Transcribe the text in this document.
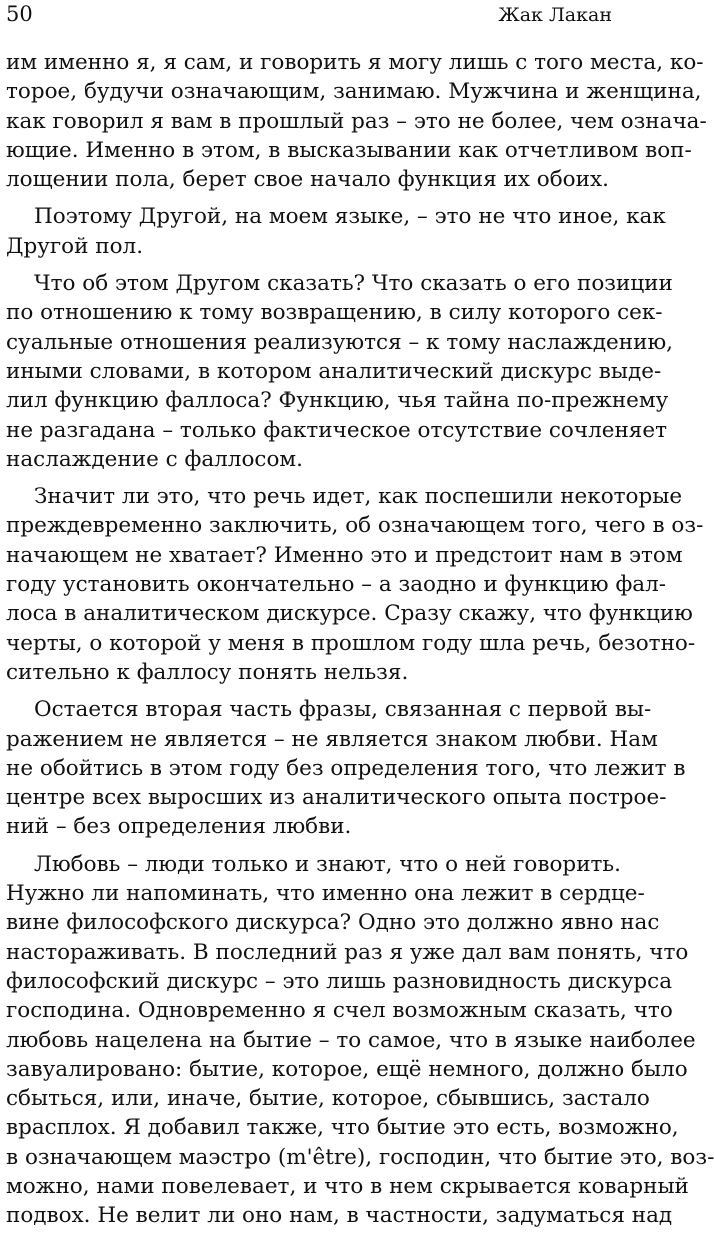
50	Жак Лакан
им именно я, я сам, и говорить я могу лишь с того места, ко-
торое, будучи означающим, занимаю. Мужчина и женщина,
как говорил я вам в прошлый раз – это не более, чем означа-
ющие. Именно в этом, в высказывании как отчетливом воп-
лощении пола, берет свое начало функция их обоих.
Поэтому Другой, на моем языке, – это не что иное, как
Другой пол.
Что об этом Другом сказать? Что сказать о его позиции
по отношению к тому возвращению, в силу которого сек-
суальные отношения реализуются – к тому наслаждению,
иными словами, в котором аналитический дискурс выде-
лил функцию фаллоса? Функцию, чья тайна по-прежнему
не разгадана – только фактическое отсутствие сочленяет
наслаждение с фаллосом.
Значит ли это, что речь идет, как поспешили некоторые
преждевременно заключить, об означающем того, чего в оз-
начающем не хватает? Именно это и предстоит нам в этом
году установить окончательно – а заодно и функцию фал-
лоса в аналитическом дискурсе. Сразу скажу, что функцию
черты, о которой у меня в прошлом году шла речь, безотно-
сительно к фаллосу понять нельзя.
Остается вторая часть фразы, связанная с первой вы-
ражением не является – не является знаком любви. Нам
не обойтись в этом году без определения того, что лежит в
центре всех выросших из аналитического опыта построе-
ний – без определения любви.
Любовь – люди только и знают, что о ней говорить.
Нужно ли напоминать, что именно она лежит в сердце-
вине философского дискурса? Одно это должно явно нас
настораживать. В последний раз я уже дал вам понять, что
философский дискурс – это лишь разновидность дискурса
господина. Одновременно я счел возможным сказать, что
любовь нацелена на бытие – то самое, что в языке наиболее
завуалировано: бытие, которое, ещё немного, должно было
сбыться, или, иначе, бытие, которое, сбывшись, застало
врасплох. Я добавил также, что бытие это есть, возможно,
в означающем маэстро (m'être), господин, что бытие это, воз-
можно, нами повелевает, и что в нем скрывается коварный
подвох. Не велит ли оно нам, в частности, задуматься над
